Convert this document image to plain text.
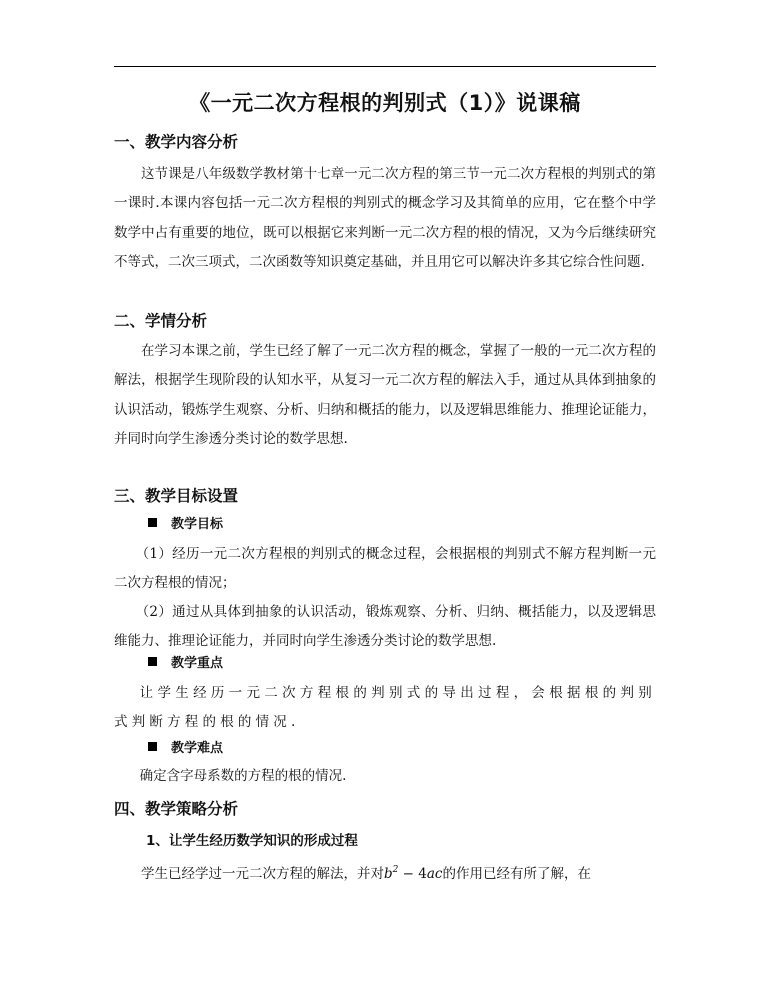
《一元二次方程根的判别式（1）》说课稿
一、教学内容分析
这节课是八年级数学教材第十七章一元二次方程的第三节一元二次方程根的判别式的第一课时.本课内容包括一元二次方程根的判别式的概念学习及其简单的应用，它在整个中学数学中占有重要的地位，既可以根据它来判断一元二次方程的根的情况，又为今后继续研究不等式，二次三项式，二次函数等知识奠定基础，并且用它可以解决许多其它综合性问题.
二、学情分析
在学习本课之前，学生已经了解了一元二次方程的概念，掌握了一般的一元二次方程的解法，根据学生现阶段的认知水平，从复习一元二次方程的解法入手，通过从具体到抽象的认识活动，锻炼学生观察、分析、归纳和概括的能力，以及逻辑思维能力、推理论证能力，并同时向学生渗透分类讨论的数学思想.
三、教学目标设置
教学目标
（1）经历一元二次方程根的判别式的概念过程，会根据根的判别式不解方程判断一元二次方程根的情况；
（2）通过从具体到抽象的认识活动，锻炼观察、分析、归纳、概括能力，以及逻辑思维能力、推理论证能力，并同时向学生渗透分类讨论的数学思想.
教学重点
让学生经历一元二次方程根的判别式的导出过程，会根据根的判别式判断方程的根的情况.
教学难点
确定含字母系数的方程的根的情况.
四、教学策略分析
1、让学生经历数学知识的形成过程
学生已经学过一元二次方程的解法，并对$b^2 - 4ac$的作用已经有所了解，在
